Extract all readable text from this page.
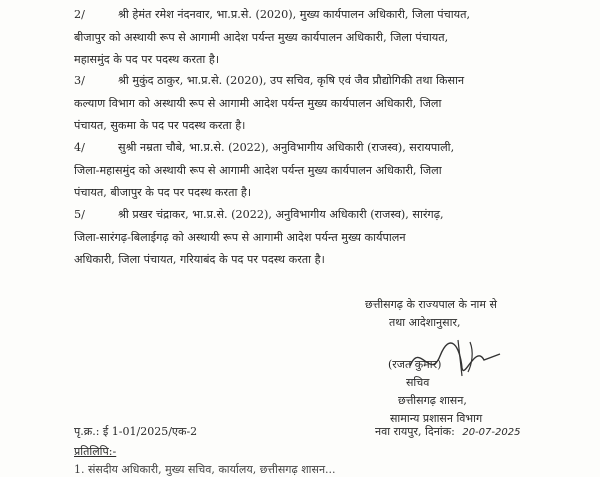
2/	श्री हेमंत रमेश नंदनवार, भा.प्र.से. (2020), मुख्य कार्यपालन अधिकारी, जिला पंचायत,
बीजापुर को अस्थायी रूप से आगामी आदेश पर्यन्त मुख्य कार्यपालन अधिकारी, जिला पंचायत,
महासमुंद के पद पर पदस्थ करता है।
3/	श्री मुकुंद ठाकुर, भा.प्र.से. (2020), उप सचिव, कृषि एवं जैव प्रौद्योगिकी तथा किसान
कल्याण विभाग को अस्थायी रूप से आगामी आदेश पर्यन्त मुख्य कार्यपालन अधिकारी, जिला
पंचायत, सुकमा के पद पर पदस्थ करता है।
4/	सुश्री नम्रता चौबे, भा.प्र.से. (2022), अनुविभागीय अधिकारी (राजस्व), सरायपाली,
जिला-महासमुंद को अस्थायी रूप से आगामी आदेश पर्यन्त मुख्य कार्यपालन अधिकारी, जिला
पंचायत, बीजापुर के पद पर पदस्थ करता है।
5/	श्री प्रखर चंद्राकर, भा.प्र.से. (2022), अनुविभागीय अधिकारी (राजस्व), सारंगढ़,
जिला-सारंगढ़-बिलाईगढ़ को अस्थायी रूप से आगामी आदेश पर्यन्त मुख्य कार्यपालन
अधिकारी, जिला पंचायत, गरियाबंद के पद पर पदस्थ करता है।
छत्तीसगढ़ के राज्यपाल के नाम से
तथा आदेशानुसार,
(रजत कुमार)
सचिव
छत्तीसगढ़ शासन,
सामान्य प्रशासन विभाग
पृ.क्र.: ई 1-01/2025/एक-2	नवा रायपुर, दिनांक: 20-07-2025
प्रतिलिपि:-
1. संसदीय अधिकारी, मुख्य सचिव, कार्यालय, छत्तीसगढ़ शासन...
